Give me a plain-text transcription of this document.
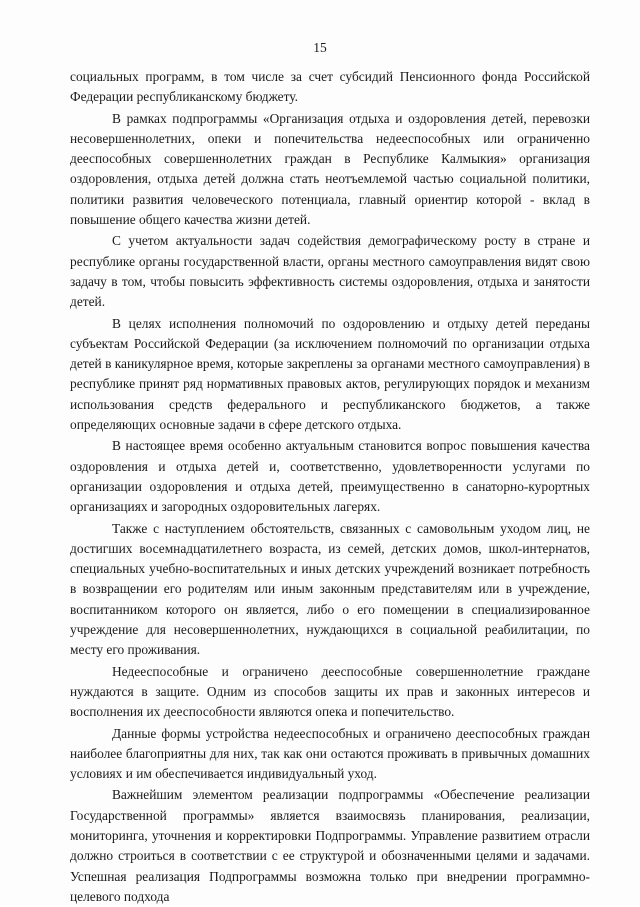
15

социальных программ, в том числе за счет субсидий Пенсионного фонда Российской Федерации республиканскому бюджету.

В рамках подпрограммы «Организация отдыха и оздоровления детей, перевозки несовершеннолетних, опеки и попечительства недееспособных или ограниченно дееспособных совершеннолетних граждан в Республике Калмыкия» организация оздоровления, отдыха детей должна стать неотъемлемой частью социальной политики, политики развития человеческого потенциала, главный ориентир которой - вклад в повышение общего качества жизни детей.

С учетом актуальности задач содействия демографическому росту в стране и республике органы государственной власти, органы местного самоуправления видят свою задачу в том, чтобы повысить эффективность системы оздоровления, отдыха и занятости детей.

В целях исполнения полномочий по оздоровлению и отдыху детей переданы субъектам Российской Федерации (за исключением полномочий по организации отдыха детей в каникулярное время, которые закреплены за органами местного самоуправления) в республике принят ряд нормативных правовых актов, регулирующих порядок и механизм использования средств федерального и республиканского бюджетов, а также определяющих основные задачи в сфере детского отдыха.

В настоящее время особенно актуальным становится вопрос повышения качества оздоровления и отдыха детей и, соответственно, удовлетворенности услугами по организации оздоровления и отдыха детей, преимущественно в санаторно-курортных организациях и загородных оздоровительных лагерях.

Также с наступлением обстоятельств, связанных с самовольным уходом лиц, не достигших восемнадцатилетнего возраста, из семей, детских домов, школ-интернатов, специальных учебно-воспитательных и иных детских учреждений возникает потребность в возвращении его родителям или иным законным представителям или в учреждение, воспитанником которого он является, либо о его помещении в специализированное учреждение для несовершеннолетних, нуждающихся в социальной реабилитации, по месту его проживания.

Недееспособные и ограничено дееспособные совершеннолетние граждане нуждаются в защите. Одним из способов защиты их прав и законных интересов и восполнения их дееспособности являются опека и попечительство.

Данные формы устройства недееспособных и ограничено дееспособных граждан наиболее благоприятны для них, так как они остаются проживать в привычных домашних условиях и им обеспечивается индивидуальный уход.

Важнейшим элементом реализации подпрограммы «Обеспечение реализации Государственной программы» является взаимосвязь планирования, реализации, мониторинга, уточнения и корректировки Подпрограммы. Управление развитием отрасли должно строиться в соответствии с ее структурой и обозначенными целями и задачами. Успешная реализация Подпрограммы возможна только при внедрении программно-целевого подхода
